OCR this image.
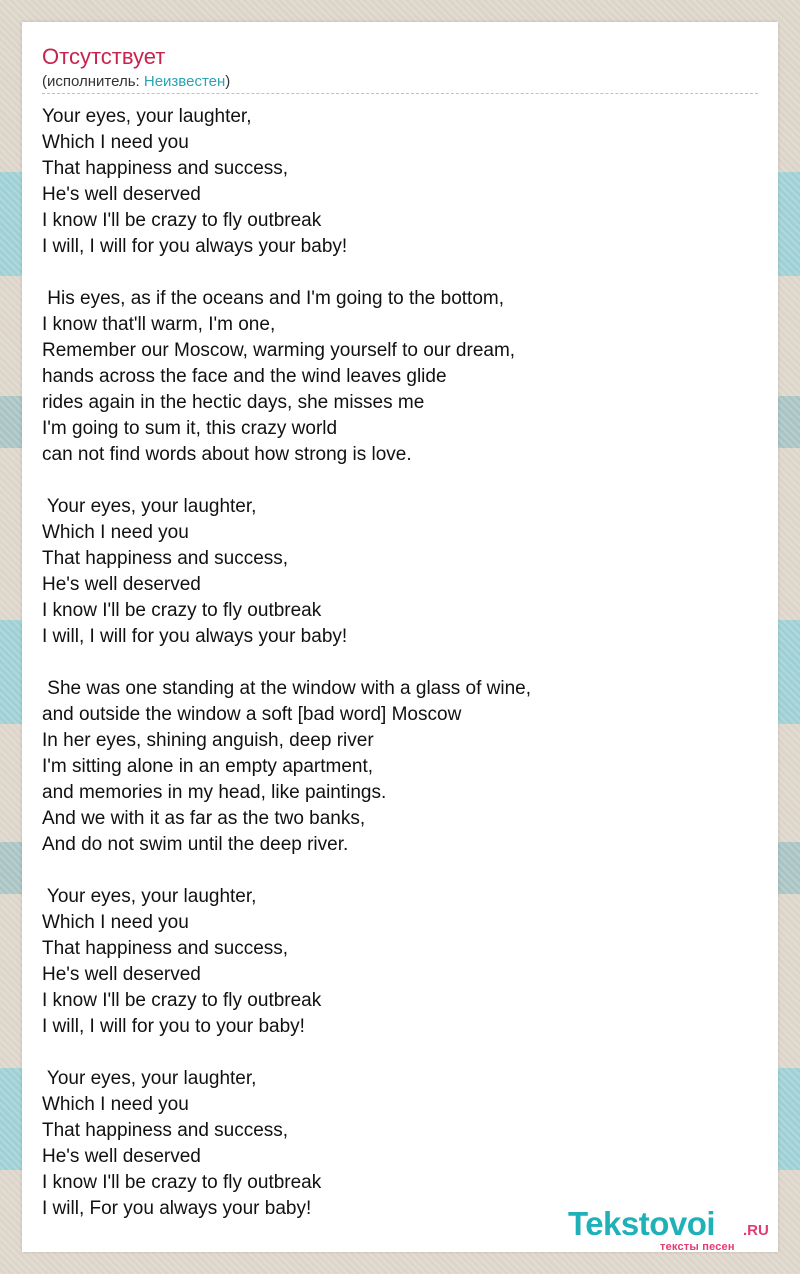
Отсутствует
(исполнитель: Неизвестен)
Your eyes, your laughter,
Which I need you
That happiness and success,
He's well deserved
I know I'll be crazy to fly outbreak
I will, I will for you always your baby!

His eyes, as if the oceans and I'm going to the bottom,
I know that'll warm, I'm one,
Remember our Moscow, warming yourself to our dream,
hands across the face and the wind leaves glide
rides again in the hectic days, she misses me
I'm going to sum it, this crazy world
can not find words about how strong is love.

Your eyes, your laughter,
Which I need you
That happiness and success,
He's well deserved
I know I'll be crazy to fly outbreak
I will, I will for you always your baby!

She was one standing at the window with a glass of wine,
and outside the window a soft [bad word] Moscow
In her eyes, shining anguish, deep river
I'm sitting alone in an empty apartment,
and memories in my head, like paintings.
And we with it as far as the two banks,
And do not swim until the deep river.

Your eyes, your laughter,
Which I need you
That happiness and success,
He's well deserved
I know I'll be crazy to fly outbreak
I will, I will for you to your baby!

Your eyes, your laughter,
Which I need you
That happiness and success,
He's well deserved
I know I'll be crazy to fly outbreak
I will, For you always your baby!	Tekstovoi .RU
тексты песен
